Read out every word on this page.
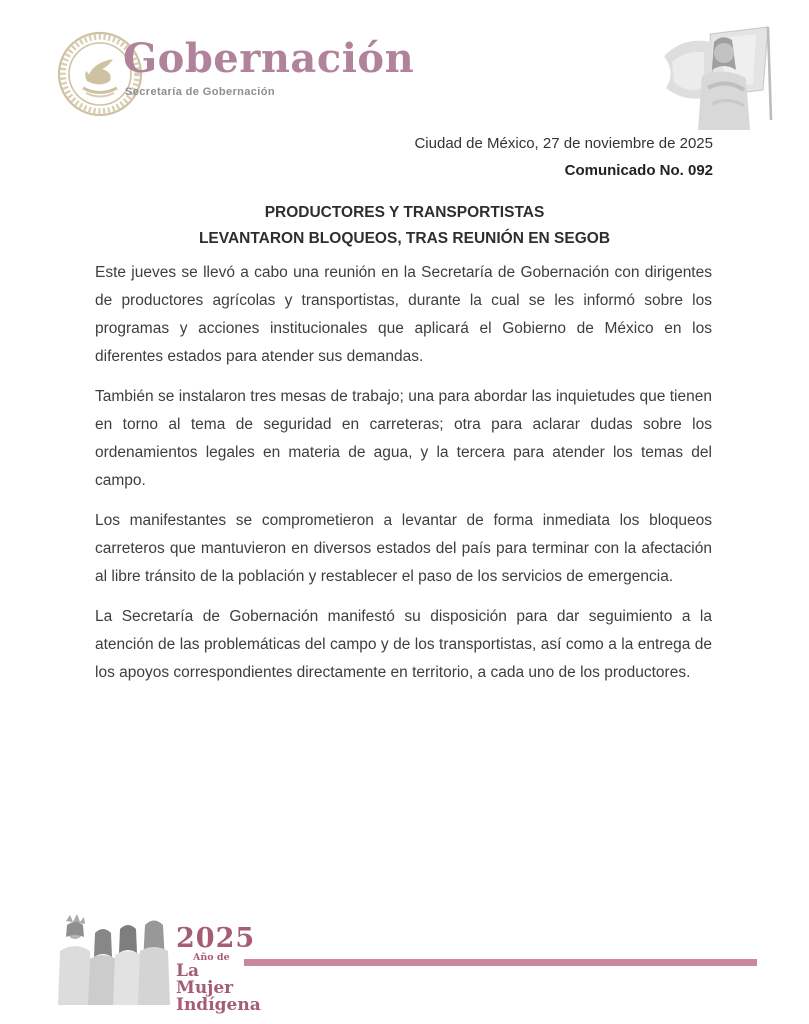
Gobernación
Secretaría de Gobernación
Ciudad de México, 27 de noviembre de 2025
Comunicado No. 092
PRODUCTORES Y TRANSPORTISTAS
LEVANTARON BLOQUEOS, TRAS REUNIÓN EN SEGOB

Este jueves se llevó a cabo una reunión en la Secretaría de Gobernación con dirigentes de productores agrícolas y transportistas, durante la cual se les informó sobre los programas y acciones institucionales que aplicará el Gobierno de México en los diferentes estados para atender sus demandas.

También se instalaron tres mesas de trabajo; una para abordar las inquietudes que tienen en torno al tema de seguridad en carreteras; otra para aclarar dudas sobre los ordenamientos legales en materia de agua, y la tercera para atender los temas del campo.

Los manifestantes se comprometieron a levantar de forma inmediata los bloqueos carreteros que mantuvieron en diversos estados del país para terminar con la afectación al libre tránsito de la población y restablecer el paso de los servicios de emergencia.

La Secretaría de Gobernación manifestó su disposición para dar seguimiento a la atención de las problemáticas del campo y de los transportistas, así como a la entrega de los apoyos correspondientes directamente en territorio, a cada uno de los productores.

2025
Año de
La Mujer
Indígena
